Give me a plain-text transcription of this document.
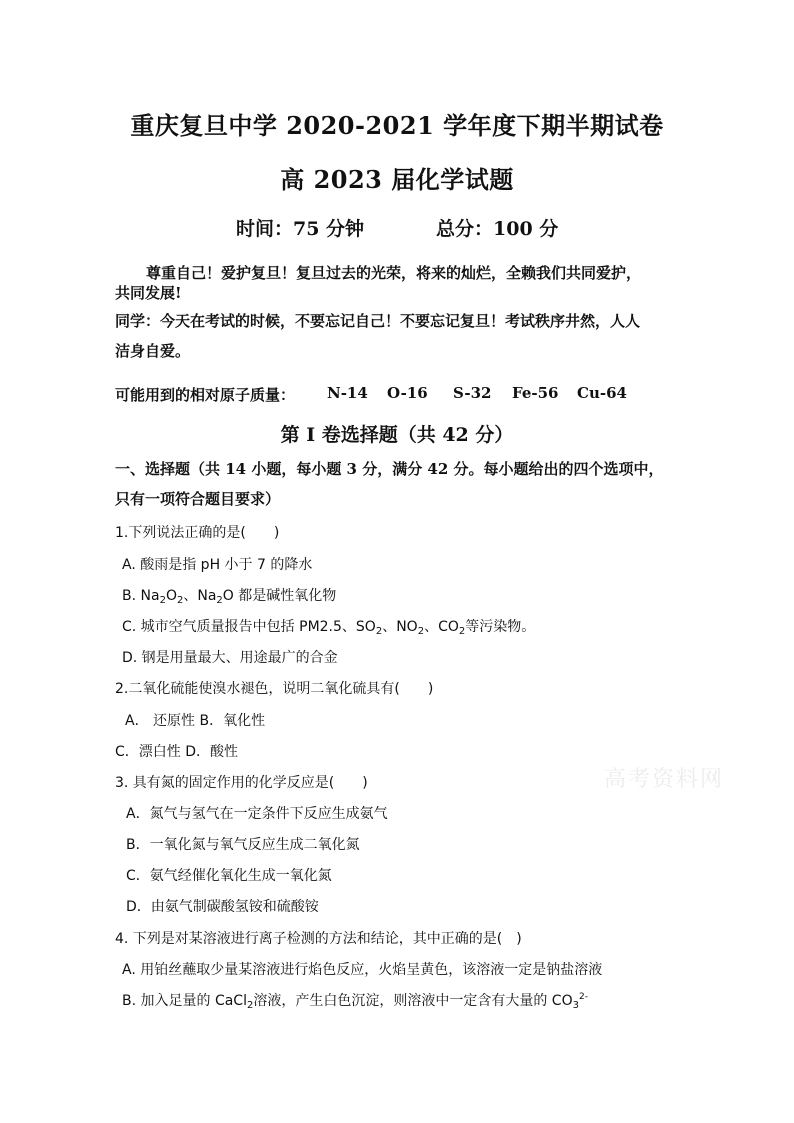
重庆复旦中学 2020-2021 学年度下期半期试卷
高 2023 届化学试题
时间：75 分钟	总分：100 分
尊重自己！爱护复旦！复旦过去的光荣，将来的灿烂，全赖我们共同爱护，
共同发展!
同学：今天在考试的时候，不要忘记自己！不要忘记复旦！考试秩序井然，人人
洁身自爱。
可能用到的相对原子质量： N-14 O-16 S-32 Fe-56 Cu-64
第 I 卷选择题（共 42 分）
一、选择题（共 14 小题，每小题 3 分，满分 42 分。每小题给出的四个选项中，
只有一项符合题目要求）
1.下列说法正确的是(　　)
A. 酸雨是指 pH 小于 7 的降水
B. $Na_2O_2$、$Na_2O$ 都是碱性氧化物
C. 城市空气质量报告中包括 PM2.5、$SO_2$、$NO_2$、$CO_2$等污染物。
D. 钢是用量最大、用途最广的合金
2.二氧化硫能使溴水褪色，说明二氧化硫具有(　　)
A． 还原性 B．氧化性
C．漂白性 D．酸性
3. 具有氮的固定作用的化学反应是(　　)
A．氮气与氢气在一定条件下反应生成氨气
B．一氧化氮与氧气反应生成二氧化氮
C．氨气经催化氧化生成一氧化氮
D．由氨气制碳酸氢铵和硫酸铵
4. 下列是对某溶液进行离子检测的方法和结论，其中正确的是(　)
A. 用铂丝蘸取少量某溶液进行焰色反应，火焰呈黄色，该溶液一定是钠盐溶液
B. 加入足量的 CaCl$_2$溶液，产生白色沉淀，则溶液中一定含有大量的 $CO_3^{2-}$
高考资料网
